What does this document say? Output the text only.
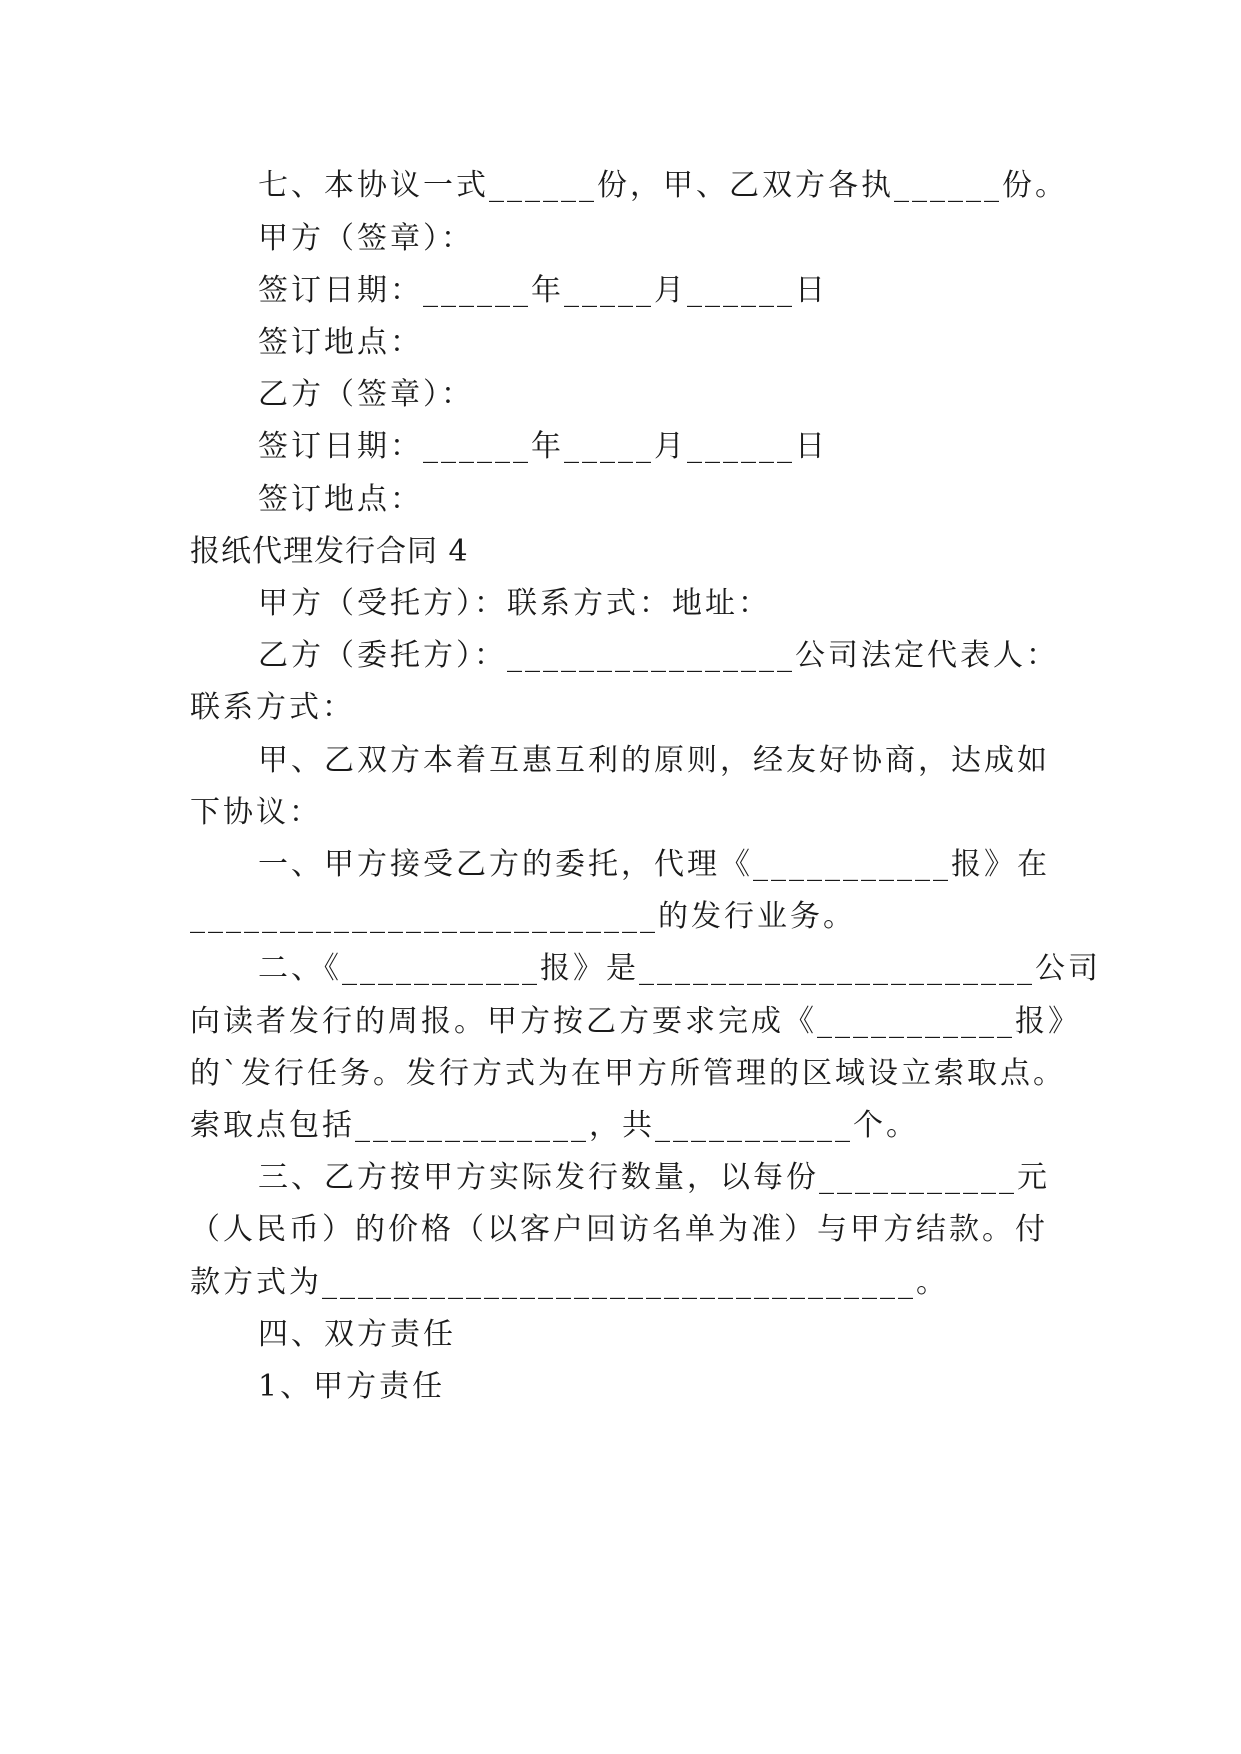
七、本协议一式______份，甲、乙双方各执______份。
甲方（签章）：
签订日期：______年_____月______日
签订地点：
乙方（签章）：
签订日期：______年_____月______日
签订地点：
报纸代理发行合同 4
甲方（受托方）：联系方式：地址：
乙方（委托方）：________________公司法定代表人：
联系方式：
甲、乙双方本着互惠互利的原则，经友好协商，达成如
下协议：
一、甲方接受乙方的委托，代理《___________报》在
__________________________的发行业务。
二、《___________报》是______________________公司
向读者发行的周报。甲方按乙方要求完成《___________报》
的`发行任务。发行方式为在甲方所管理的区域设立索取点。
索取点包括_____________，共___________个。
三、乙方按甲方实际发行数量，以每份___________元
（人民币）的价格（以客户回访名单为准）与甲方结款。付
款方式为_________________________________。
四、双方责任
1、甲方责任
